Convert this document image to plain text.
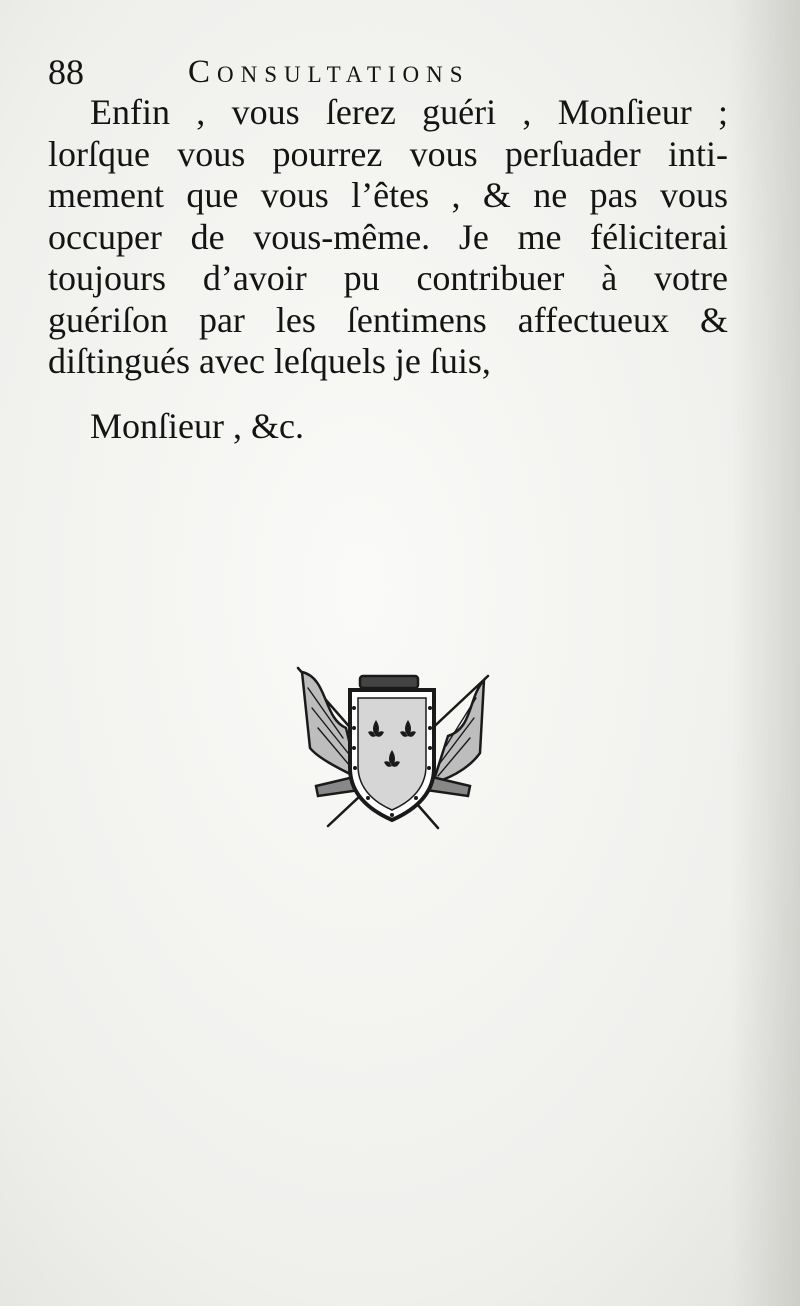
88	Consultations
Enfin , vous ſerez guéri , Monſieur ;
lorſque vous pourrez vous perſuader inti-
mement que vous l’êtes , & ne pas vous
occuper de vous-même. Je me féliciterai
toujours d’avoir pu contribuer à votre
guériſon par les ſentimens affectueux &
diſtingués avec leſquels je ſuis,
Monſieur , &c.
